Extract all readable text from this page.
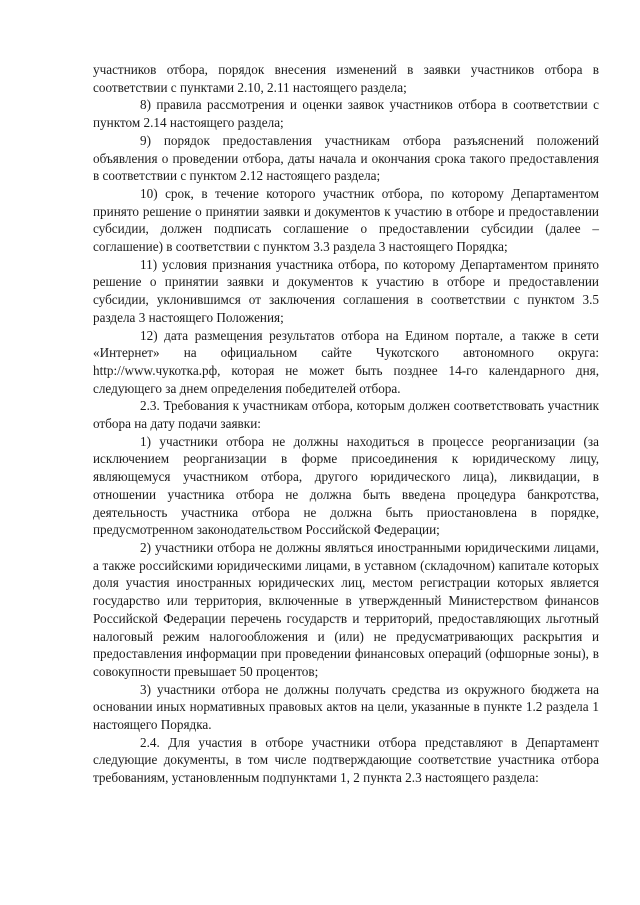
участников отбора, порядок внесения изменений в заявки участников отбора в соответствии с пунктами 2.10, 2.11 настоящего раздела;

8) правила рассмотрения и оценки заявок участников отбора в соответствии с пунктом 2.14 настоящего раздела;

9) порядок предоставления участникам отбора разъяснений положений объявления о проведении отбора, даты начала и окончания срока такого предоставления в соответствии с пунктом 2.12 настоящего раздела;

10) срок, в течение которого участник отбора, по которому Департаментом принято решение о принятии заявки и документов к участию в отборе и предоставлении субсидии, должен подписать соглашение о предоставлении субсидии (далее – соглашение) в соответствии с пунктом 3.3 раздела 3 настоящего Порядка;

11) условия признания участника отбора, по которому Департаментом принято решение о принятии заявки и документов к участию в отборе и предоставлении субсидии, уклонившимся от заключения соглашения в соответствии с пунктом 3.5 раздела 3 настоящего Положения;

12) дата размещения результатов отбора на Едином портале, а также в сети «Интернет» на официальном сайте Чукотского автономного округа: http://www.чукотка.рф, которая не может быть позднее 14-го календарного дня, следующего за днем определения победителей отбора.

2.3. Требования к участникам отбора, которым должен соответствовать участник отбора на дату подачи заявки:

1) участники отбора не должны находиться в процессе реорганизации (за исключением реорганизации в форме присоединения к юридическому лицу, являющемуся участником отбора, другого юридического лица), ликвидации, в отношении участника отбора не должна быть введена процедура банкротства, деятельность участника отбора не должна быть приостановлена в порядке, предусмотренном законодательством Российской Федерации;

2) участники отбора не должны являться иностранными юридическими лицами, а также российскими юридическими лицами, в уставном (складочном) капитале которых доля участия иностранных юридических лиц, местом регистрации которых является государство или территория, включенные в утвержденный Министерством финансов Российской Федерации перечень государств и территорий, предоставляющих льготный налоговый режим налогообложения и (или) не предусматривающих раскрытия и предоставления информации при проведении финансовых операций (офшорные зоны), в совокупности превышает 50 процентов;

3) участники отбора не должны получать средства из окружного бюджета на основании иных нормативных правовых актов на цели, указанные в пункте 1.2 раздела 1 настоящего Порядка.

2.4. Для участия в отборе участники отбора представляют в Департамент следующие документы, в том числе подтверждающие соответствие участника отбора требованиям, установленным подпунктами 1, 2 пункта 2.3 настоящего раздела:
